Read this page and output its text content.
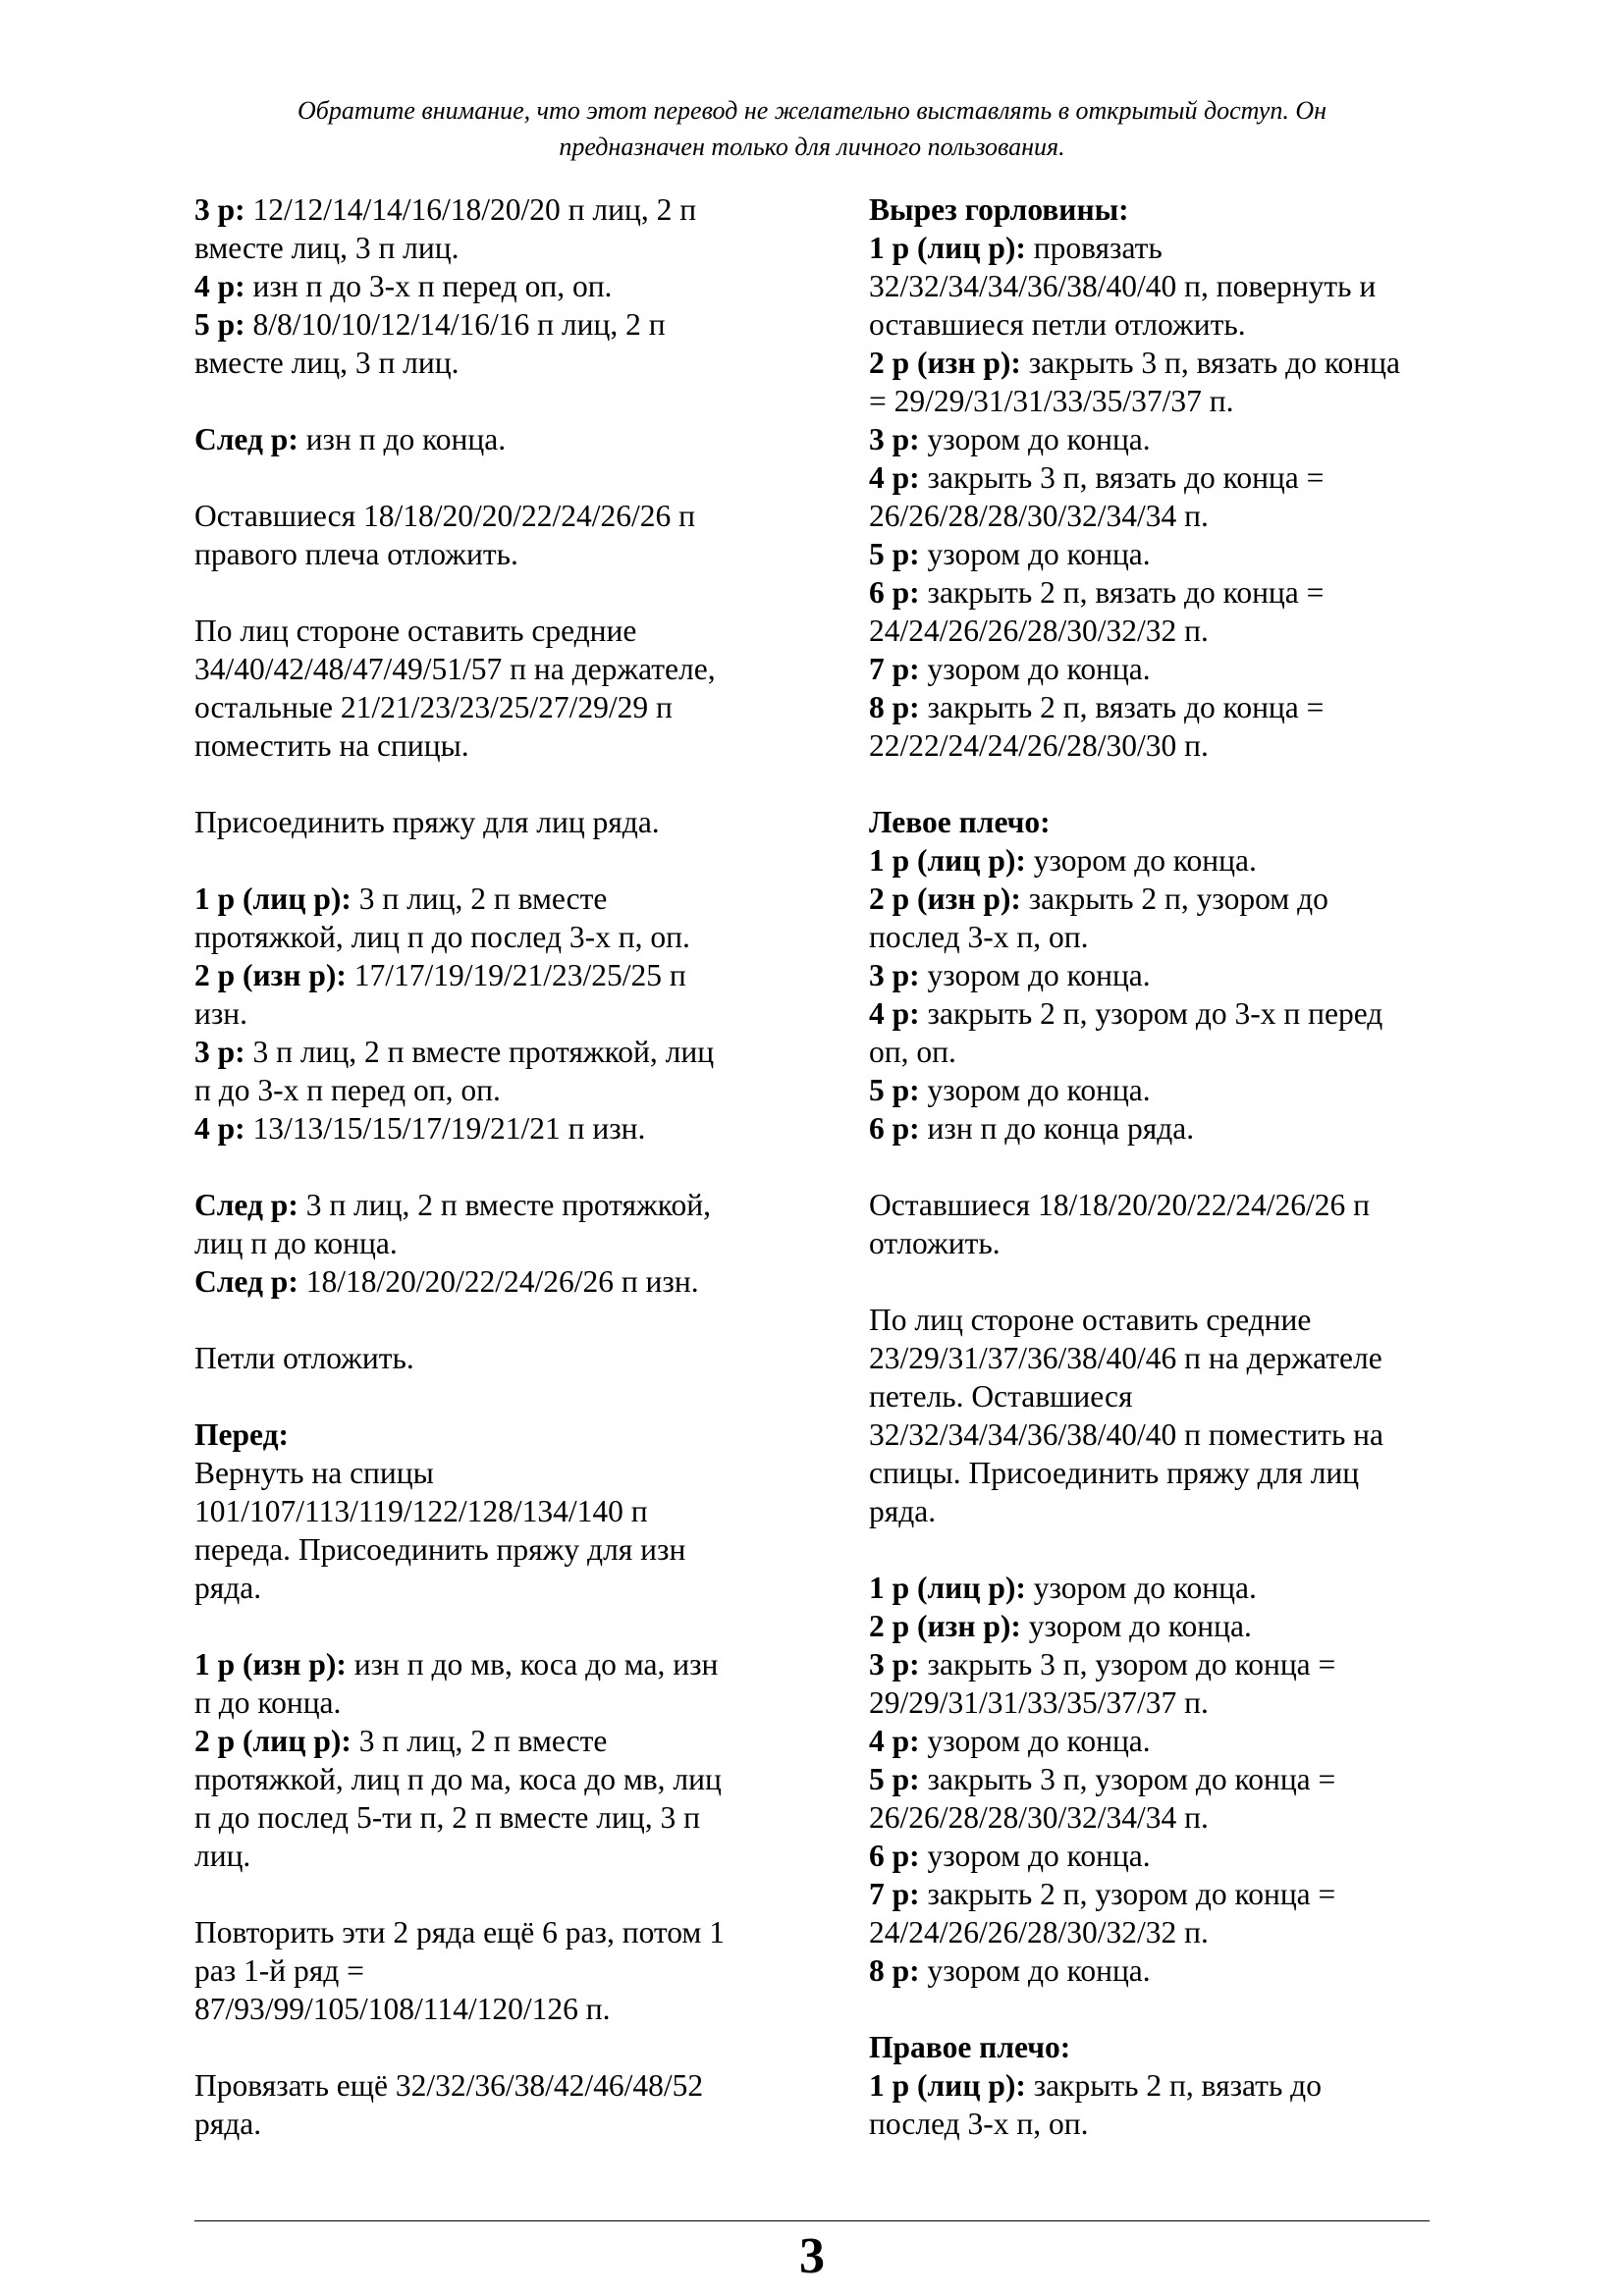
Обратите внимание, что этот перевод не желательно выставлять в открытый доступ. Он
предназначен только для личного пользования.
3 р: 12/12/14/14/16/18/20/20 п лиц, 2 п
вместе лиц, 3 п лиц.
4 р: изн п до 3-х п перед оп, оп.
5 р: 8/8/10/10/12/14/16/16 п лиц, 2 п
вместе лиц, 3 п лиц.
След р: изн п до конца.
Оставшиеся 18/18/20/20/22/24/26/26 п
правого плеча отложить.
По лиц стороне оставить средние
34/40/42/48/47/49/51/57 п на держателе,
остальные 21/21/23/23/25/27/29/29 п
поместить на спицы.
Присоединить пряжу для лиц ряда.
1 р (лиц р): 3 п лиц, 2 п вместе
протяжкой, лиц п до послед 3-х п, оп.
2 р (изн р): 17/17/19/19/21/23/25/25 п
изн.
3 р: 3 п лиц, 2 п вместе протяжкой, лиц
п до 3-х п перед оп, оп.
4 р: 13/13/15/15/17/19/21/21 п изн.
След р: 3 п лиц, 2 п вместе протяжкой,
лиц п до конца.
След р: 18/18/20/20/22/24/26/26 п изн.
Петли отложить.
Перед:
Вернуть на спицы
101/107/113/119/122/128/134/140 п
переда. Присоединить пряжу для изн
ряда.
1 р (изн р): изн п до мв, коса до ма, изн
п до конца.
2 р (лиц р): 3 п лиц, 2 п вместе
протяжкой, лиц п до ма, коса до мв, лиц
п до послед 5-ти п, 2 п вместе лиц, 3 п
лиц.
Повторить эти 2 ряда ещё 6 раз, потом 1
раз 1-й ряд =
87/93/99/105/108/114/120/126 п.
Провязать ещё 32/32/36/38/42/46/48/52
ряда.
Вырез горловины:
1 р (лиц р): провязать
32/32/34/34/36/38/40/40 п, повернуть и
оставшиеся петли отложить.
2 р (изн р): закрыть 3 п, вязать до конца
= 29/29/31/31/33/35/37/37 п.
3 р: узором до конца.
4 р: закрыть 3 п, вязать до конца =
26/26/28/28/30/32/34/34 п.
5 р: узором до конца.
6 р: закрыть 2 п, вязать до конца =
24/24/26/26/28/30/32/32 п.
7 р: узором до конца.
8 р: закрыть 2 п, вязать до конца =
22/22/24/24/26/28/30/30 п.
Левое плечо:
1 р (лиц р): узором до конца.
2 р (изн р): закрыть 2 п, узором до
послед 3-х п, оп.
3 р: узором до конца.
4 р: закрыть 2 п, узором до 3-х п перед
оп, оп.
5 р: узором до конца.
6 р: изн п до конца ряда.
Оставшиеся 18/18/20/20/22/24/26/26 п
отложить.
По лиц стороне оставить средние
23/29/31/37/36/38/40/46 п на держателе
петель. Оставшиеся
32/32/34/34/36/38/40/40 п поместить на
спицы. Присоединить пряжу для лиц
ряда.
1 р (лиц р): узором до конца.
2 р (изн р): узором до конца.
3 р: закрыть 3 п, узором до конца =
29/29/31/31/33/35/37/37 п.
4 р: узором до конца.
5 р: закрыть 3 п, узором до конца =
26/26/28/28/30/32/34/34 п.
6 р: узором до конца.
7 р: закрыть 2 п, узором до конца =
24/24/26/26/28/30/32/32 п.
8 р: узором до конца.
Правое плечо:
1 р (лиц р): закрыть 2 п, вязать до
послед 3-х п, оп.
3
